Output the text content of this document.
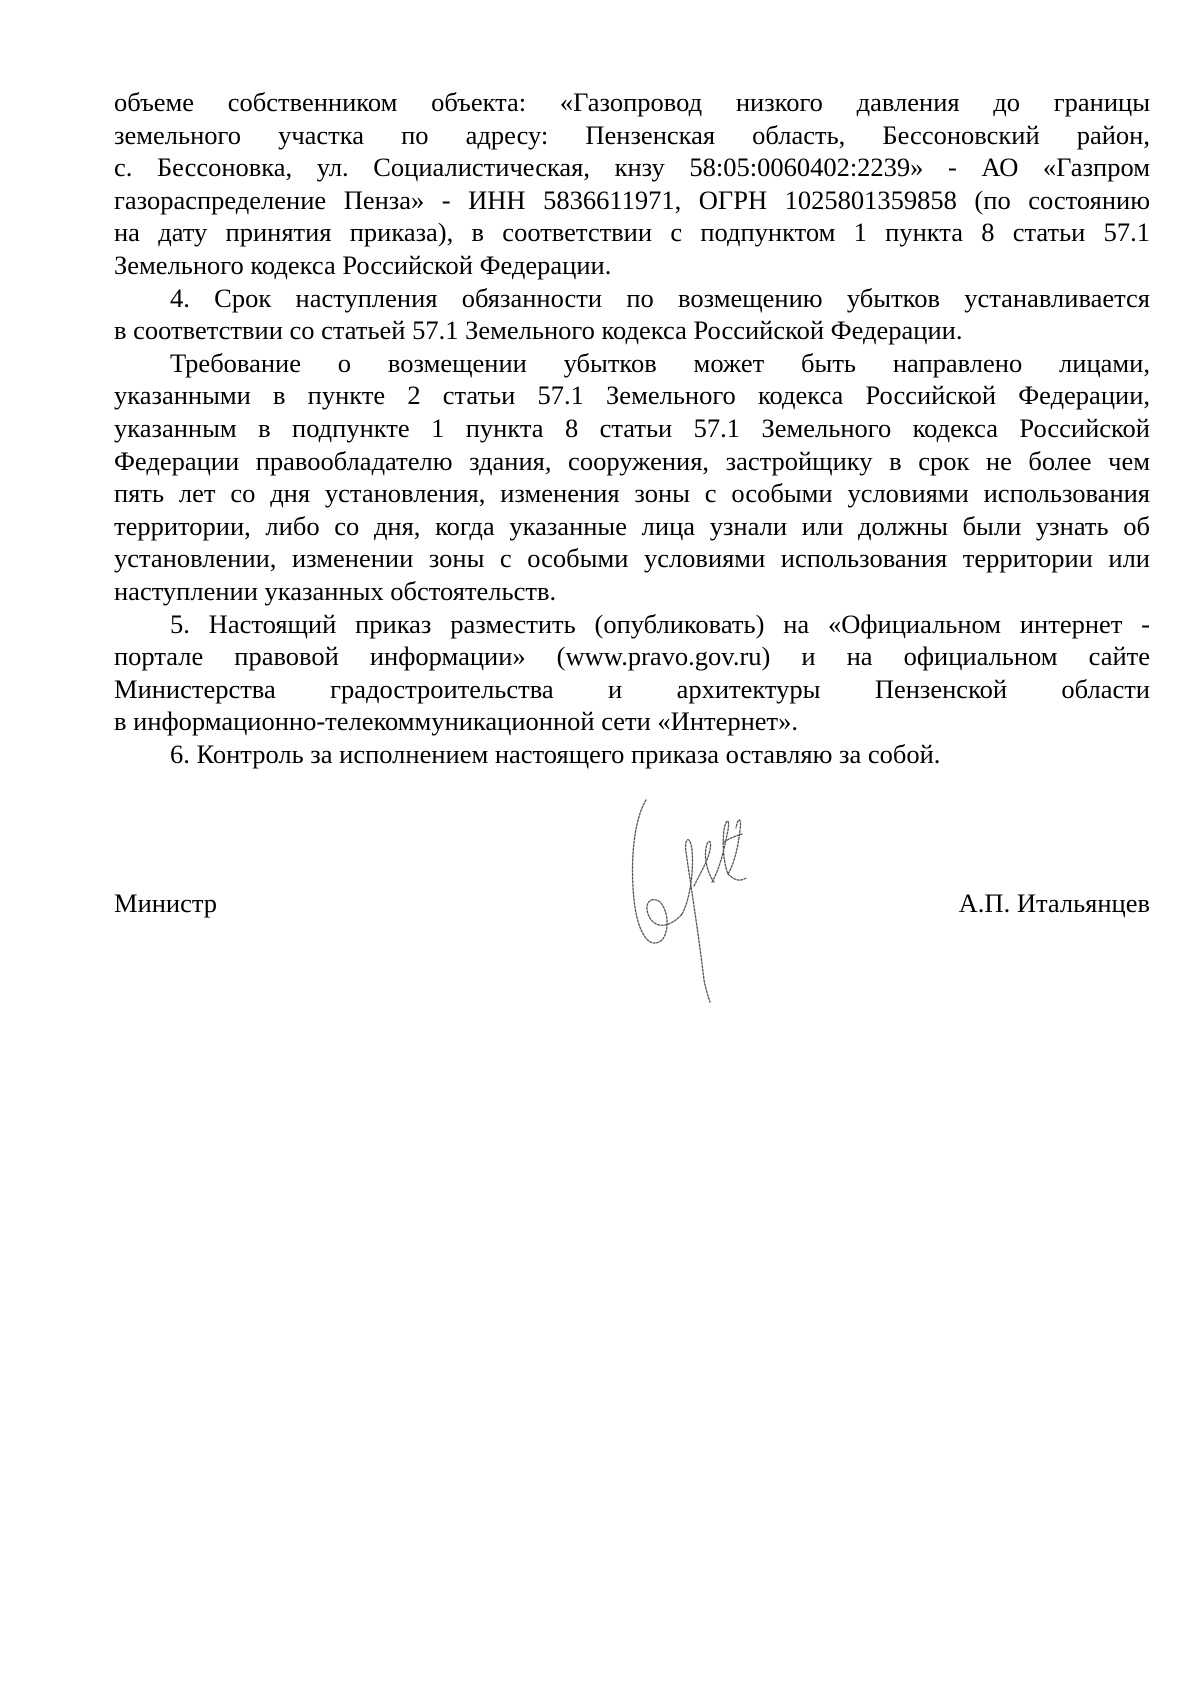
объеме собственником объекта: «Газопровод низкого давления до границы
земельного участка по адресу: Пензенская область, Бессоновский район,
с. Бессоновка, ул. Социалистическая, кнзу 58:05:0060402:2239» - АО «Газпром
газораспределение Пенза» - ИНН 5836611971, ОГРН 1025801359858 (по состоянию
на дату принятия приказа), в соответствии с подпунктом 1 пункта 8 статьи 57.1
Земельного кодекса Российской Федерации.

4. Срок наступления обязанности по возмещению убытков устанавливается
в соответствии со статьей 57.1 Земельного кодекса Российской Федерации.

Требование о возмещении убытков может быть направлено лицами,
указанными в пункте 2 статьи 57.1 Земельного кодекса Российской Федерации,
указанным в подпункте 1 пункта 8 статьи 57.1 Земельного кодекса Российской
Федерации правообладателю здания, сооружения, застройщику в срок не более чем
пять лет со дня установления, изменения зоны с особыми условиями использования
территории, либо со дня, когда указанные лица узнали или должны были узнать об
установлении, изменении зоны с особыми условиями использования территории или
наступлении указанных обстоятельств.

5. Настоящий приказ разместить (опубликовать) на «Официальном интернет -
портале правовой информации» (www.pravo.gov.ru) и на официальном сайте
Министерства градостроительства и архитектуры Пензенской области
в информационно-телекоммуникационной сети «Интернет».

6. Контроль за исполнением настоящего приказа оставляю за собой.

Министр	А.П. Итальянцев
